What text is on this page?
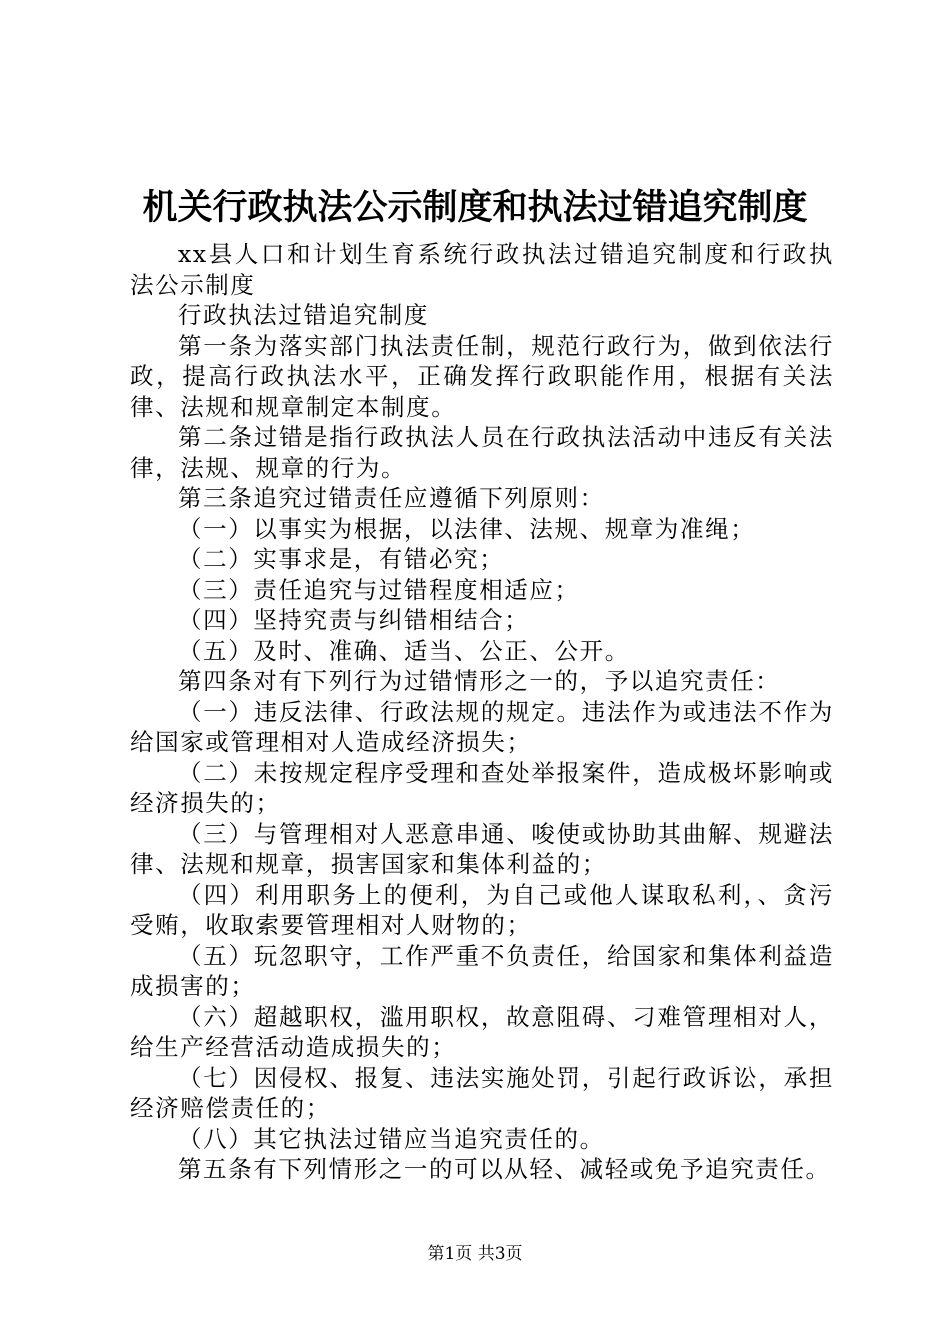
机关行政执法公示制度和执法过错追究制度

xx县人口和计划生育系统行政执法过错追究制度和行政执法公示制度

行政执法过错追究制度

第一条为落实部门执法责任制，规范行政行为，做到依法行政，提高行政执法水平，正确发挥行政职能作用，根据有关法律、法规和规章制定本制度。

第二条过错是指行政执法人员在行政执法活动中违反有关法律，法规、规章的行为。

第三条追究过错责任应遵循下列原则：

（一）以事实为根据，以法律、法规、规章为准绳；

（二）实事求是，有错必究；

（三）责任追究与过错程度相适应；

（四）坚持究责与纠错相结合；

（五）及时、准确、适当、公正、公开。

第四条对有下列行为过错情形之一的，予以追究责任：

（一）违反法律、行政法规的规定。违法作为或违法不作为给国家或管理相对人造成经济损失；

（二）未按规定程序受理和查处举报案件，造成极坏影响或经济损失的；

（三）与管理相对人恶意串通、唆使或协助其曲解、规避法律、法规和规章，损害国家和集体利益的；

（四）利用职务上的便利，为自己或他人谋取私利，、贪污受贿，收取索要管理相对人财物的；

（五）玩忽职守，工作严重不负责任，给国家和集体利益造成损害的；

（六）超越职权，滥用职权，故意阻碍、刁难管理相对人，给生产经营活动造成损失的；

（七）因侵权、报复、违法实施处罚，引起行政诉讼，承担经济赔偿责任的；

（八）其它执法过错应当追究责任的。

第五条有下列情形之一的可以从轻、减轻或免予追究责任。

第1页 共3页
